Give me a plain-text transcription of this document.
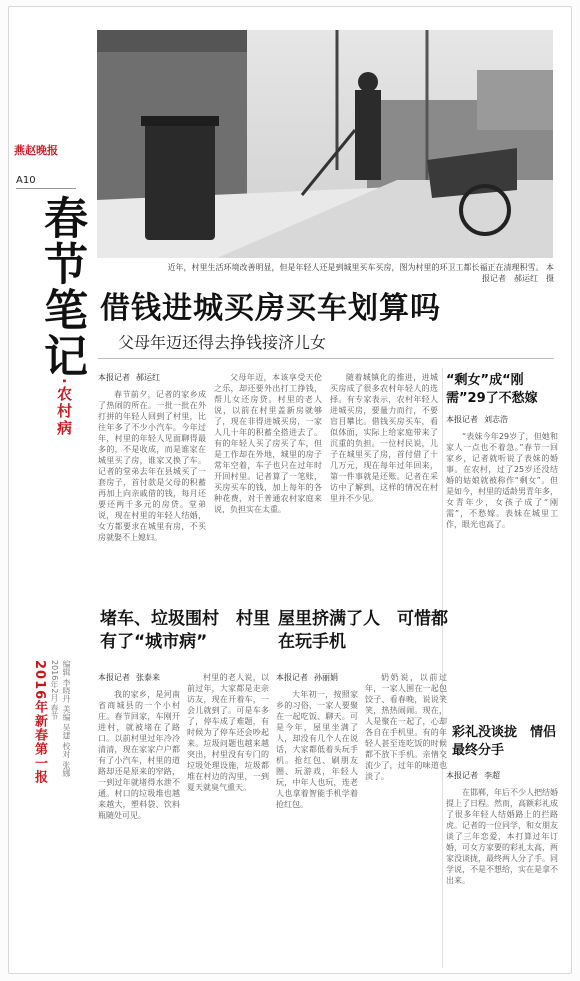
燕赵晚报
A10
春节笔记
·农村病
2016年新春第一报	编辑 李晓丹 美编 吴建 校对 张娜 2016年2月·春节
近年，村里生活环境改善明显，但是年轻人还是到城里买车买房，图为村里的环卫工都长福正在清理积雪。 本报记者　郝运红　摄
借钱进城买房买车划算吗
父母年迈还得去挣钱接济儿女
本报记者 郝运红
春节前夕，记者的家乡成了热闹的所在。一批一批在外打拼的年轻人回到了村里，比往年多了不少小汽车。今年过年，村里的年轻人见面聊得最多的，不是收成，而是谁家在城里买了房，谁家又换了车。记者的堂弟去年在县城买了一套房子，首付款是父母的积蓄再加上向亲戚借的钱，每月还要还两千多元的房贷。堂弟说，现在村里的年轻人结婚，女方都要求在城里有房，不买房就娶不上媳妇。
父母年迈，本该享受天伦之乐，却还要外出打工挣钱，帮儿女还房贷。村里的老人说，以前在村里盖新房就够了，现在非得进城买房，一家人几十年的积蓄全搭进去了。有的年轻人买了房买了车，但是工作却在外地，城里的房子常年空着，车子也只在过年时开回村里。记者算了一笔账，买房买车的钱，加上每年的各种花费，对于普通农村家庭来说，负担实在太重。
随着城镇化的推进，进城买房成了很多农村年轻人的选择。有专家表示，农村年轻人进城买房，要量力而行，不要盲目攀比。借钱买房买车，看似体面，实际上给家庭带来了沉重的负担。一位村民说，儿子在城里买了房，首付借了十几万元，现在每年过年回来，第一件事就是还账。记者在采访中了解到，这样的情况在村里并不少见。
“剩女”成“刚需”29了不愁嫁
本报记者 刘志浩
“表妹今年29岁了，但她和家人一点也不着急。”春节一回家乡，记者就听说了表妹的婚事。在农村，过了25岁还没结婚的姑娘就被称作“剩女”。但是如今，村里的适龄男青年多，女青年少，女孩子成了“刚需”，不愁嫁。表妹在城里工作，眼光也高了。
堵车、垃圾围村　村里有了“城市病”
屋里挤满了人　可惜都在玩手机
本报记者 张泰来
我的家乡，是河南省商城县的一个小村庄。春节回家，车刚开进村，就被堵在了路口。以前村里过年冷冷清清，现在家家户户都有了小汽车，村里的道路却还是原来的窄路，一到过年就堵得水泄不通。村口的垃圾堆也越来越大，塑料袋、饮料瓶随处可见。
村里的老人说，以前过年，大家都是走亲访友，现在开着车，一会儿就到了。可是车多了，停车成了难题，有时候为了停车还会吵起来。垃圾问题也越来越突出，村里没有专门的垃圾处理设施，垃圾都堆在村边的沟里，一到夏天就臭气熏天。
本报记者 孙丽娟
大年初一，按照家乡的习俗，一家人要聚在一起吃饭、聊天。可是今年，屋里坐满了人，却没有几个人在说话，大家都低着头玩手机。抢红包、刷朋友圈、玩游戏，年轻人玩，中年人也玩，连老人也拿着智能手机学着抢红包。
奶奶说，以前过年，一家人围在一起包饺子、看春晚，说说笑笑，热热闹闹。现在，人是聚在一起了，心却各自在手机里。有的年轻人甚至连吃饭的时候都不放下手机。亲情交流少了，过年的味道也淡了。
彩礼没谈拢　情侣最终分手
本报记者 李超
在邯郸，年后不少人把结婚提上了日程。然而，高额彩礼成了很多年轻人结婚路上的拦路虎。记者的一位同学，和女朋友谈了三年恋爱，本打算过年订婚，可女方家要的彩礼太高，两家没谈拢，最终两人分了手。同学说，不是不想给，实在是拿不出来。
